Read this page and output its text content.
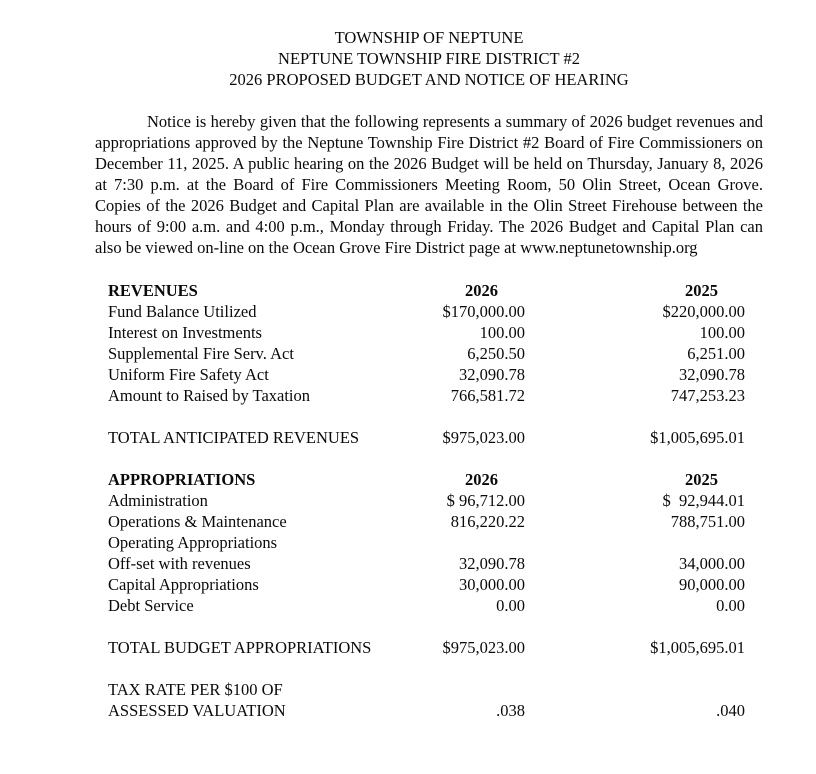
TOWNSHIP OF NEPTUNE
NEPTUNE TOWNSHIP FIRE DISTRICT #2
2026 PROPOSED BUDGET AND NOTICE OF HEARING

Notice is hereby given that the following represents a summary of 2026 budget revenues and appropriations approved by the Neptune Township Fire District #2 Board of Fire Commissioners on December 11, 2025. A public hearing on the 2026 Budget will be held on Thursday, January 8, 2026 at 7:30 p.m. at the Board of Fire Commissioners Meeting Room, 50 Olin Street, Ocean Grove. Copies of the 2026 Budget and Capital Plan are available in the Olin Street Firehouse between the hours of 9:00 a.m. and 4:00 p.m., Monday through Friday. The 2026 Budget and Capital Plan can also be viewed on-line on the Ocean Grove Fire District page at www.neptunetownship.org

REVENUES	2026	2025
Fund Balance Utilized	$170,000.00	$220,000.00
Interest on Investments	100.00	100.00
Supplemental Fire Serv. Act	6,250.50	6,251.00
Uniform Fire Safety Act	32,090.78	32,090.78
Amount to Raised by Taxation	766,581.72	747,253.23
TOTAL ANTICIPATED REVENUES	$975,023.00	$1,005,695.01
APPROPRIATIONS	2026	2025
Administration	$ 96,712.00	$  92,944.01
Operations & Maintenance	816,220.22	788,751.00
Operating Appropriations
Off-set with revenues	32,090.78	34,000.00
Capital Appropriations	30,000.00	90,000.00
Debt Service	0.00	0.00
TOTAL BUDGET APPROPRIATIONS	$975,023.00	$1,005,695.01
TAX RATE PER $100 OF
ASSESSED VALUATION	.038	.040
